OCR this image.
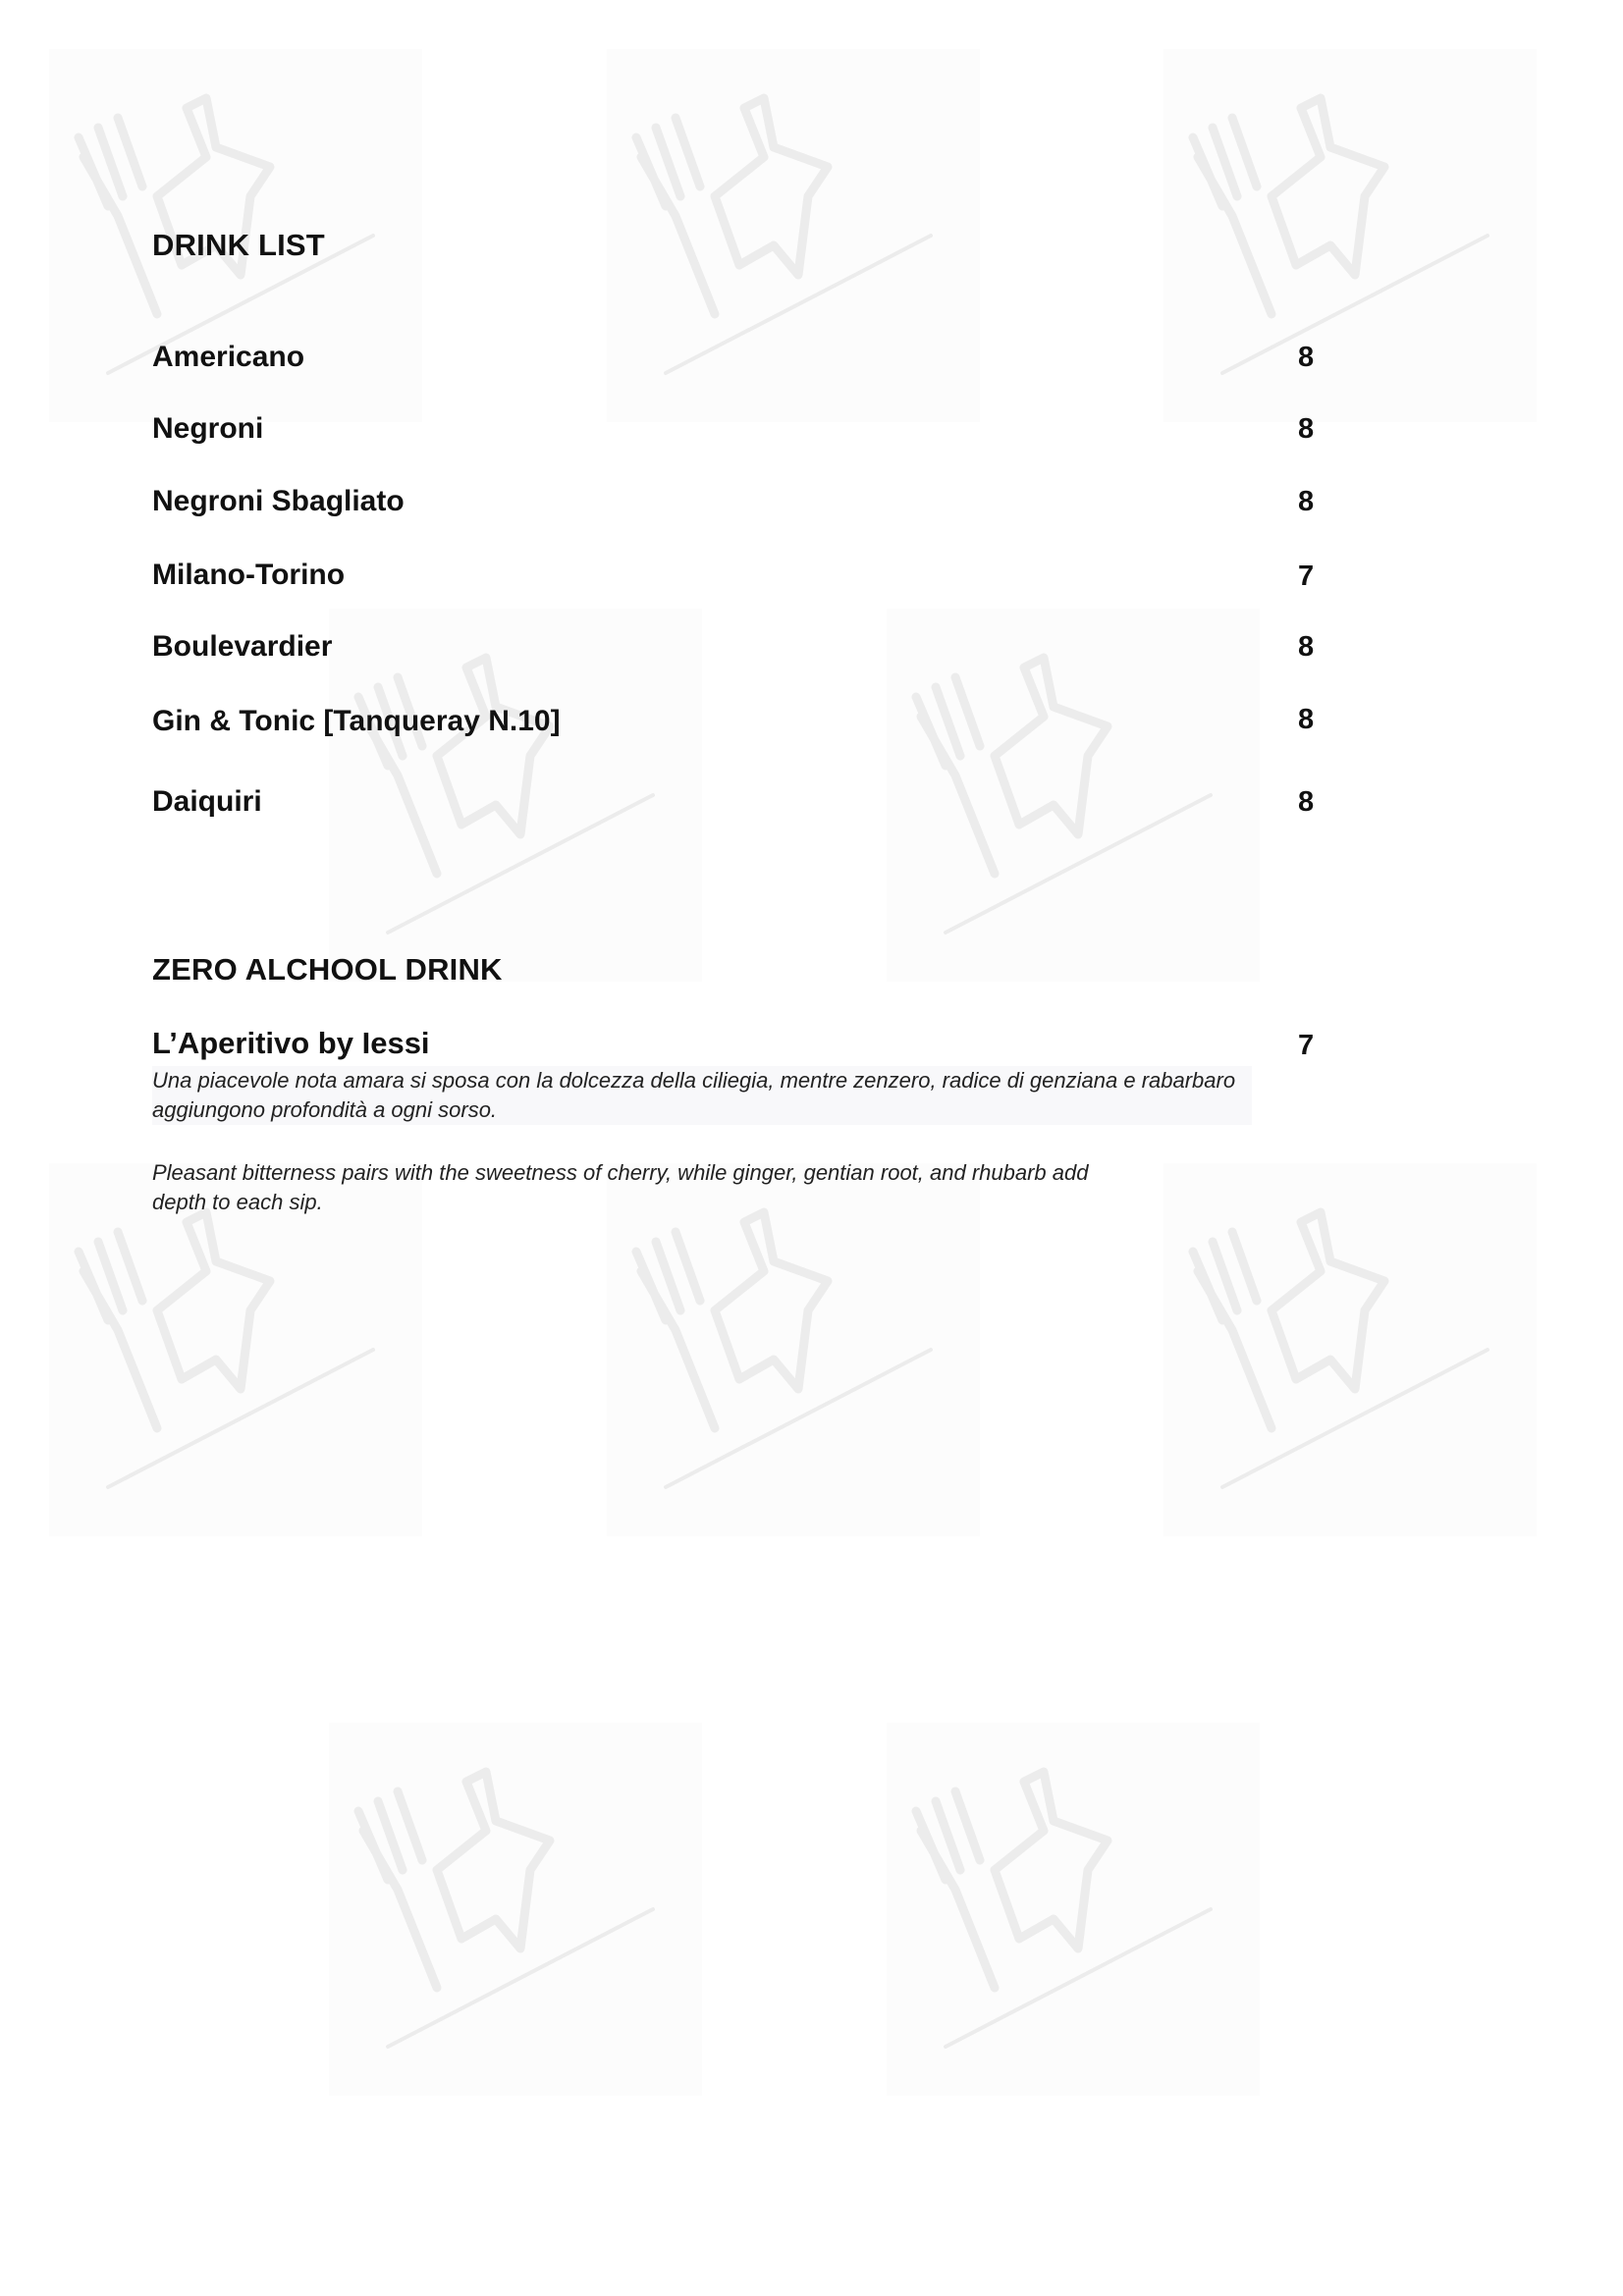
DRINK LIST
Americano	8
Negroni	8
Negroni Sbagliato	8
Milano-Torino	7
Boulevardier	8
Gin & Tonic [Tanqueray N.10]	8
Daiquiri	8
ZERO ALCHOOL DRINK
L’Aperitivo by Iessi	7

Una piacevole nota amara si sposa con la dolcezza della ciliegia, mentre zenzero, radice di genziana e rabarbaro aggiungono profondità a ogni sorso.

Pleasant bitterness pairs with the sweetness of cherry, while ginger, gentian root, and rhubarb add depth to each sip.
